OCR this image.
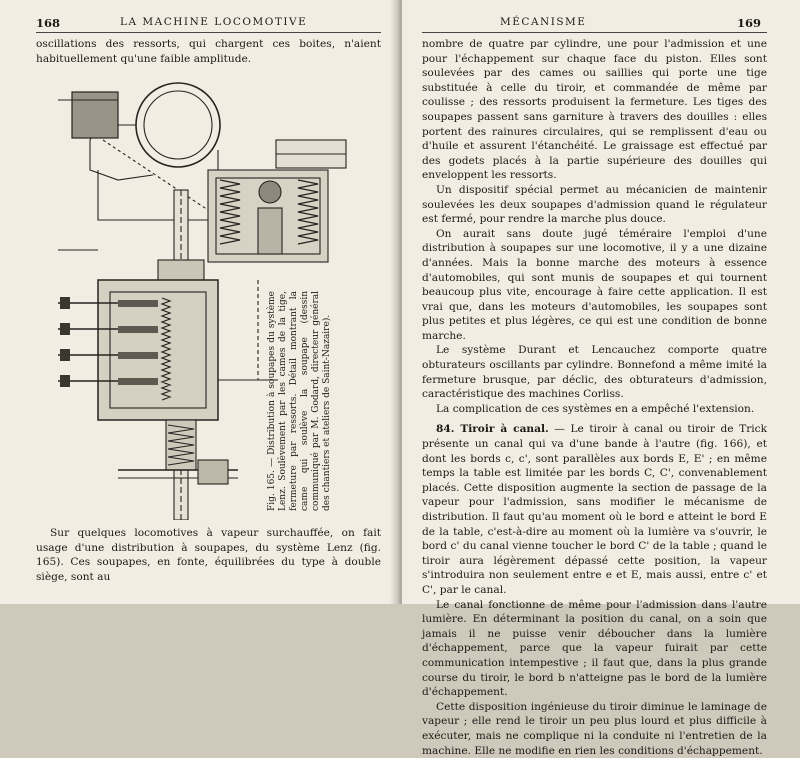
168	LA MACHINE LOCOMOTIVE

oscillations des ressorts, qui chargent ces boites, n'aient habituellement qu'une faible amplitude.

Fig. 165. — Distribution à soupapes du système Lenz. Soulèvement par les cames de la tige, fermeture par ressorts. Détail montrant la came qui soulève la soupape (dessin communiqué par M. Godard, directeur général des chantiers et ateliers de Saint-Nazaire).

Sur quelques locomotives à vapeur surchauffée, on fait usage d'une distribution à soupapes, du système Lenz (fig. 165). Ces soupapes, en fonte, équilibrées du type à double siège, sont au

MÉCANISME	169

nombre de quatre par cylindre, une pour l'admission et une pour l'échappement sur chaque face du piston. Elles sont soulevées par des cames ou saillies qui porte une tige substituée à celle du tiroir, et commandée de même par coulisse ; des ressorts produisent la fermeture. Les tiges des soupapes passent sans garniture à travers des douilles : elles portent des rainures circulaires, qui se remplissent d'eau ou d'huile et assurent l'étanchéité. Le graissage est effectué par des godets placés à la partie supérieure des douilles qui enveloppent les ressorts.

Un dispositif spécial permet au mécanicien de maintenir soulevées les deux soupapes d'admission quand le régulateur est fermé, pour rendre la marche plus douce.

On aurait sans doute jugé téméraire l'emploi d'une distribution à soupapes sur une locomotive, il y a une dizaine d'années. Mais la bonne marche des moteurs à essence d'automobiles, qui sont munis de soupapes et qui tournent beaucoup plus vite, encourage à faire cette application. Il est vrai que, dans les moteurs d'automobiles, les soupapes sont plus petites et plus légères, ce qui est une condition de bonne marche.

Le système Durant et Lencauchez comporte quatre obturateurs oscillants par cylindre. Bonnefond a même imité la fermeture brusque, par déclic, des obturateurs d'admission, caractéristique des machines Corliss.

La complication de ces systèmes en a empêché l'extension.

84. Tiroir à canal. — Le tiroir à canal ou tiroir de Trick présente un canal qui va d'une bande à l'autre (fig. 166), et dont les bords c, c', sont parallèles aux bords E, E' ; en même temps la table est limitée par les bords C, C', convenablement placés. Cette disposition augmente la section de passage de la vapeur pour l'admission, sans modifier le mécanisme de distribution. Il faut qu'au moment où le bord e atteint le bord E de la table, c'est-à-dire au moment où la lumière va s'ouvrir, le bord c' du canal vienne toucher le bord C' de la table ; quand le tiroir aura légèrement dépassé cette position, la vapeur s'introduira non seulement entre e et E, mais aussi, entre c' et C', par le canal.

Le canal fonctionne de même pour l'admission dans l'autre lumière. En déterminant la position du canal, on a soin que jamais il ne puisse venir déboucher dans la lumière d'échappement, parce que la vapeur fuirait par cette communication intempestive ; il faut que, dans la plus grande course du tiroir, le bord b n'atteigne pas le bord de la lumière d'échappement.

Cette disposition ingénieuse du tiroir diminue le laminage de vapeur ; elle rend le tiroir un peu plus lourd et plus difficile à exécuter, mais ne complique ni la conduite ni l'entretien de la machine. Elle ne modifie en rien les conditions d'échappement.
